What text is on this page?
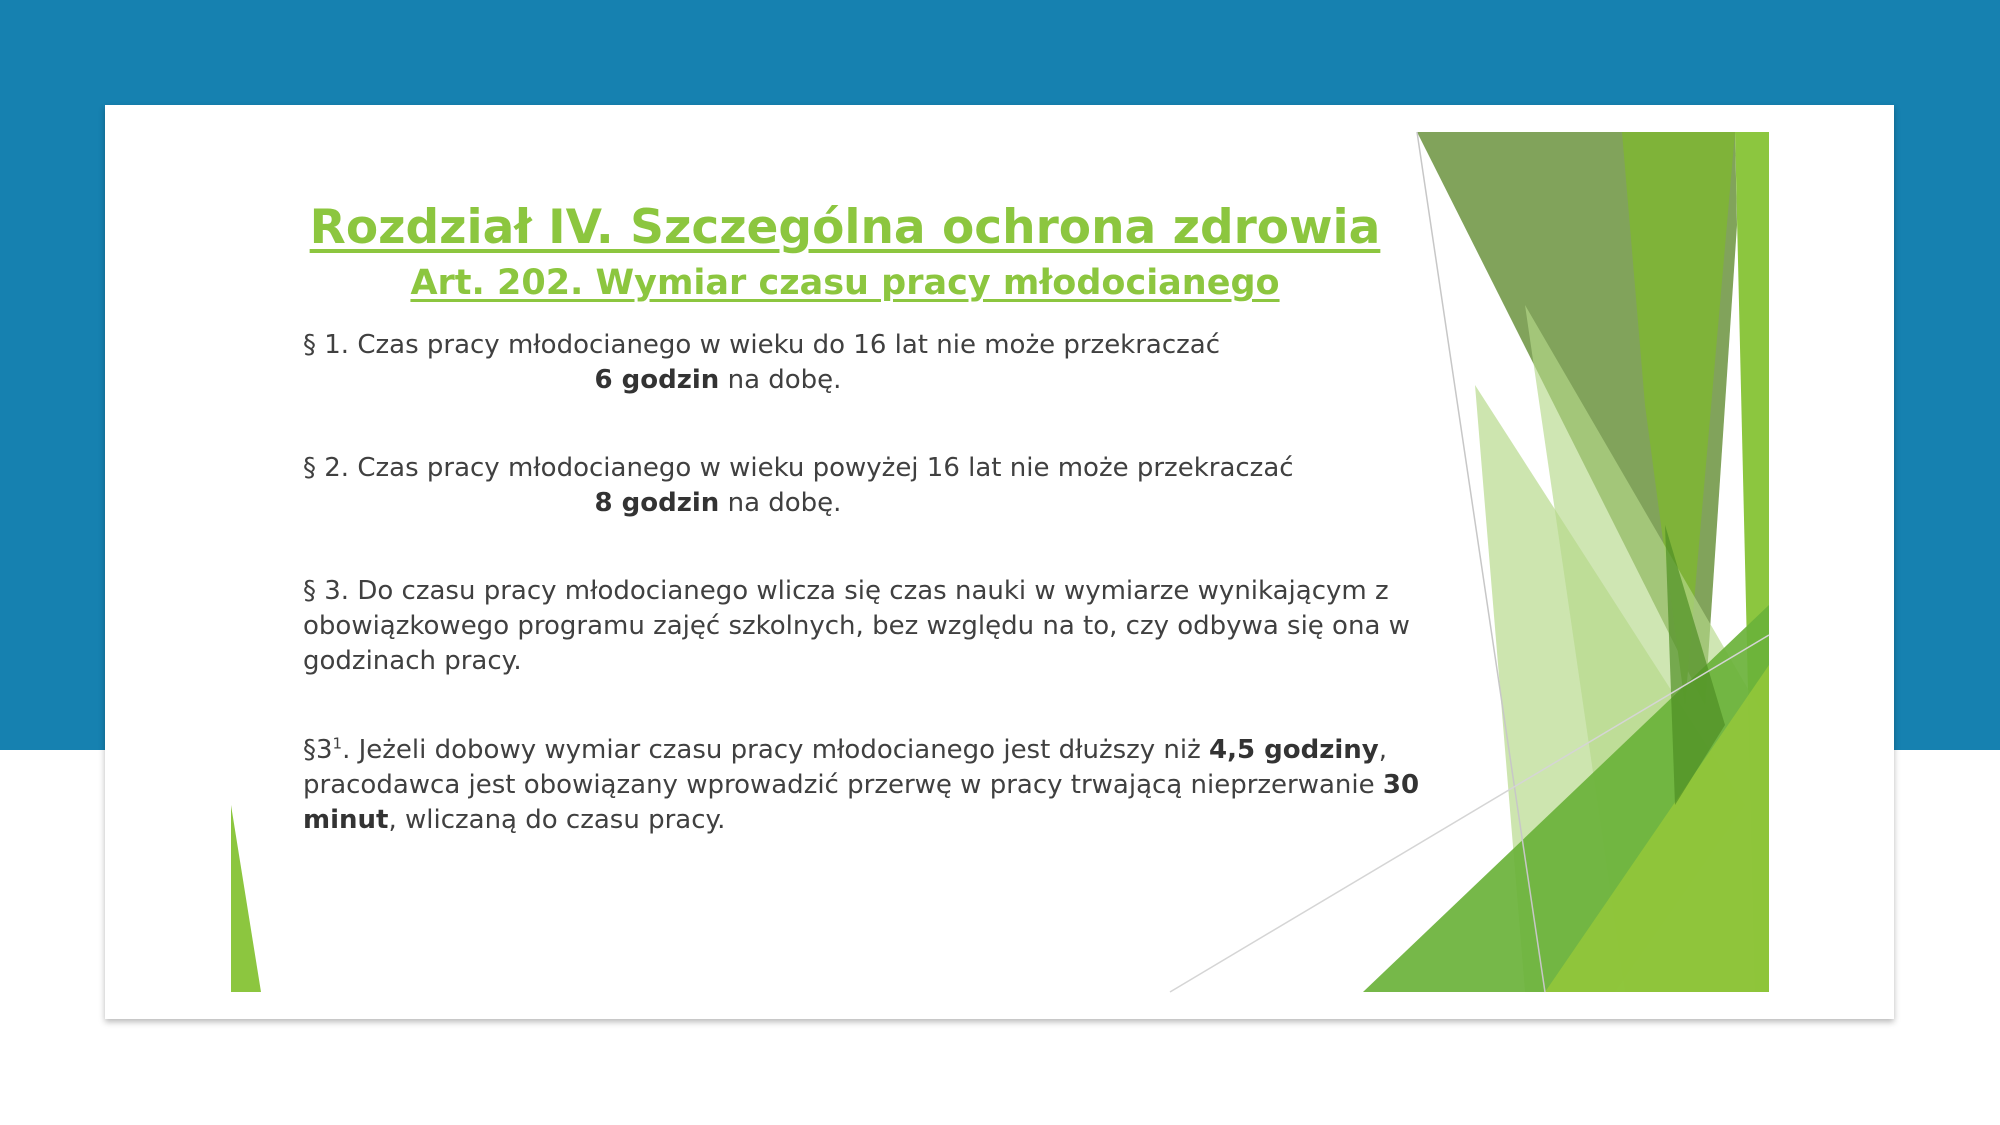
Rozdział IV. Szczególna ochrona zdrowia
Art. 202. Wymiar czasu pracy młodocianego

§ 1. Czas pracy młodocianego w wieku do 16 lat nie może przekraczać
6 godzin na dobę.

§ 2. Czas pracy młodocianego w wieku powyżej 16 lat nie może przekraczać
8 godzin na dobę.

§ 3. Do czasu pracy młodocianego wlicza się czas nauki w wymiarze wynikającym z obowiązkowego programu zajęć szkolnych, bez względu na to, czy odbywa się ona w godzinach pracy.

$\S 3^1$. Jeżeli dobowy wymiar czasu pracy młodocianego jest dłuższy niż 4,5 godziny, pracodawca jest obowiązany wprowadzić przerwę w pracy trwającą nieprzerwanie 30 minut, wliczaną do czasu pracy.
